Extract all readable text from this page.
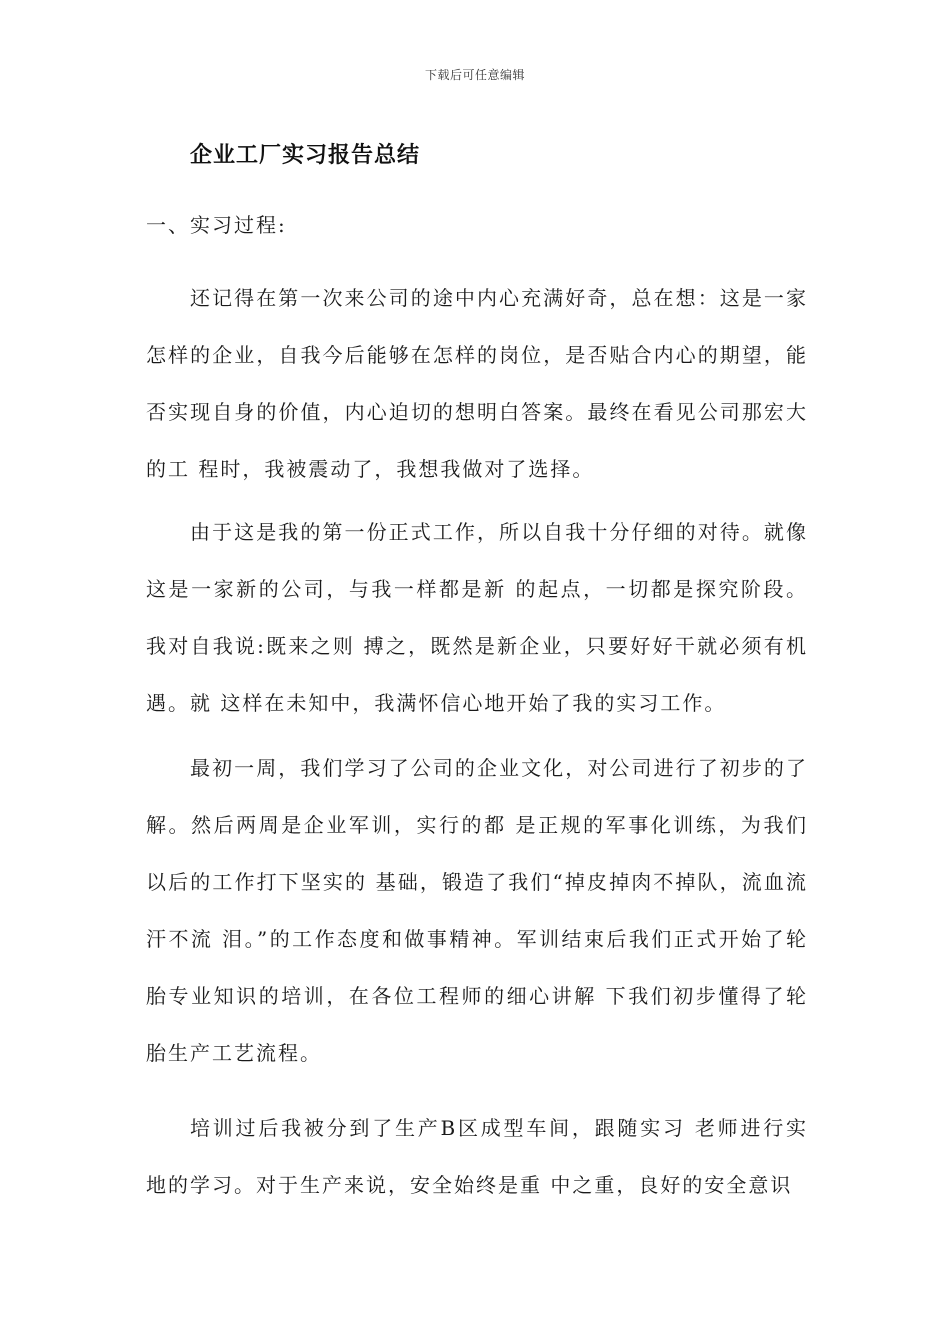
下载后可任意编辑
企业工厂实习报告总结
一、实习过程:

还记得在第一次来公司的途中内心充满好奇，总在想：这是一家怎样的企业，自我今后能够在怎样的岗位，是否贴合内心的期望，能否实现自身的价值，内心迫切的想明白答案。最终在看见公司那宏大的工 程时，我被震动了，我想我做对了选择。

由于这是我的第一份正式工作，所以自我十分仔细的对待。就像这是一家新的公司，与我一样都是新 的起点，一切都是探究阶段。我对自我说:既来之则 搏之，既然是新企业，只要好好干就必须有机遇。就 这样在未知中，我满怀信心地开始了我的实习工作。

最初一周，我们学习了公司的企业文化，对公司进行了初步的了解。然后两周是企业军训，实行的都 是正规的军事化训练，为我们以后的工作打下坚实的 基础，锻造了我们“掉皮掉肉不掉队，流血流汗不流 泪。”的工作态度和做事精神。军训结束后我们正式开始了轮胎专业知识的培训，在各位工程师的细心讲解 下我们初步懂得了轮胎生产工艺流程。

培训过后我被分到了生产B区成型车间，跟随实习 老师进行实地的学习。对于生产来说，安全始终是重 中之重，良好的安全意识
